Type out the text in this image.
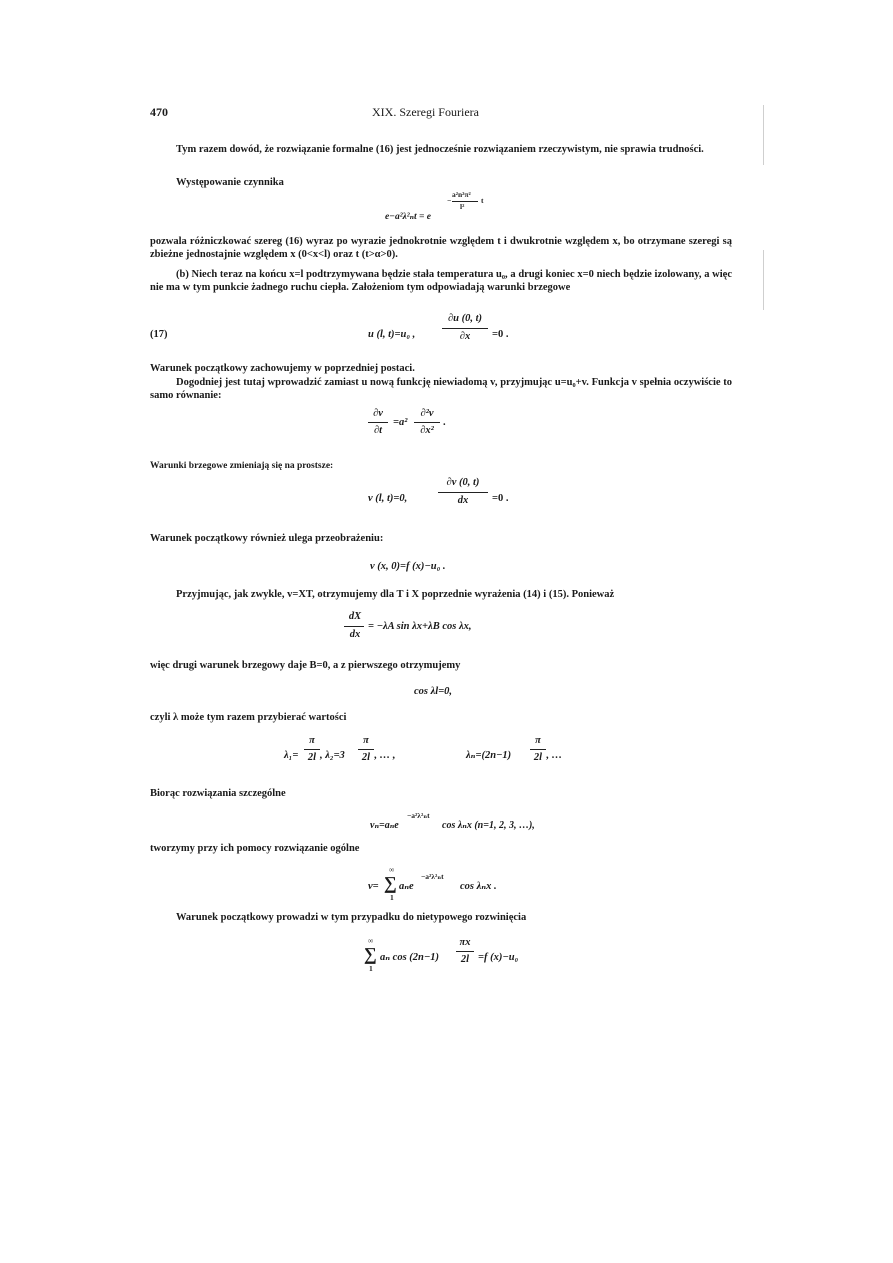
470	XIX. Szeregi Fouriera
Tym razem dowód, że rozwiązanie formalne (16) jest jednocześnie rozwiązaniem rzeczywistym, nie sprawia trudności.
Występowanie czynnika
e−a²λ²ₙt = e
−
a²n²π²
l²
t
pozwala różniczkować szereg (16) wyraz po wyrazie jednokrotnie względem t i dwukrotnie względem x, bo otrzymane szeregi są zbieżne jednostajnie względem x (0<x<l) oraz t (t>α>0).
(b) Niech teraz na końcu x=l podtrzymywana będzie stała temperatura u₀, a drugi koniec x=0 niech będzie izolowany, a więc nie ma w tym punkcie żadnego ruchu ciepła. Założeniom tym odpowiadają warunki brzegowe
(17)	u (l, t)=u₀ ,
∂u (0, t)
∂x	=0 .
Warunek początkowy zachowujemy w poprzedniej postaci.
Dogodniej jest tutaj wprowadzić zamiast u nową funkcję niewiadomą v, przyjmując u=u₀+v. Funkcja v spełnia oczywiście to samo równanie:
∂v
∂t
=a²
∂²v
∂x²
.
Warunki brzegowe zmieniają się na prostsze:
v (l, t)=0,
∂v (0, t)
dx	=0 .
Warunek początkowy również ulega przeobrażeniu:
v (x, 0)=f (x)−u₀ .
Przyjmując, jak zwykle, v=XT, otrzymujemy dla T i X poprzednie wyrażenia (14) i (15). Ponieważ
dX
dx
= −λA sin λx+λB cos λx,
więc drugi warunek brzegowy daje B=0, a z pierwszego otrzymujemy
cos λl=0,
czyli λ może tym razem przybierać wartości
λ₁=
π
2l , λ₂=3
π
2l , … ,	λₙ=(2n−1)
π
2l , …
Biorąc rozwiązania szczególne
vₙ=aₙe
−a²λ²ₙt
cos λₙx (n=1, 2, 3, …),
tworzymy przy ich pomocy rozwiązanie ogólne
v=
∞
∑
1
aₙe
−a²λ²ₙt
cos λₙx .
Warunek początkowy prowadzi w tym przypadku do nietypowego rozwinięcia
∞
∑
1
aₙ cos (2n−1)
πx
2l =f (x)−u₀
